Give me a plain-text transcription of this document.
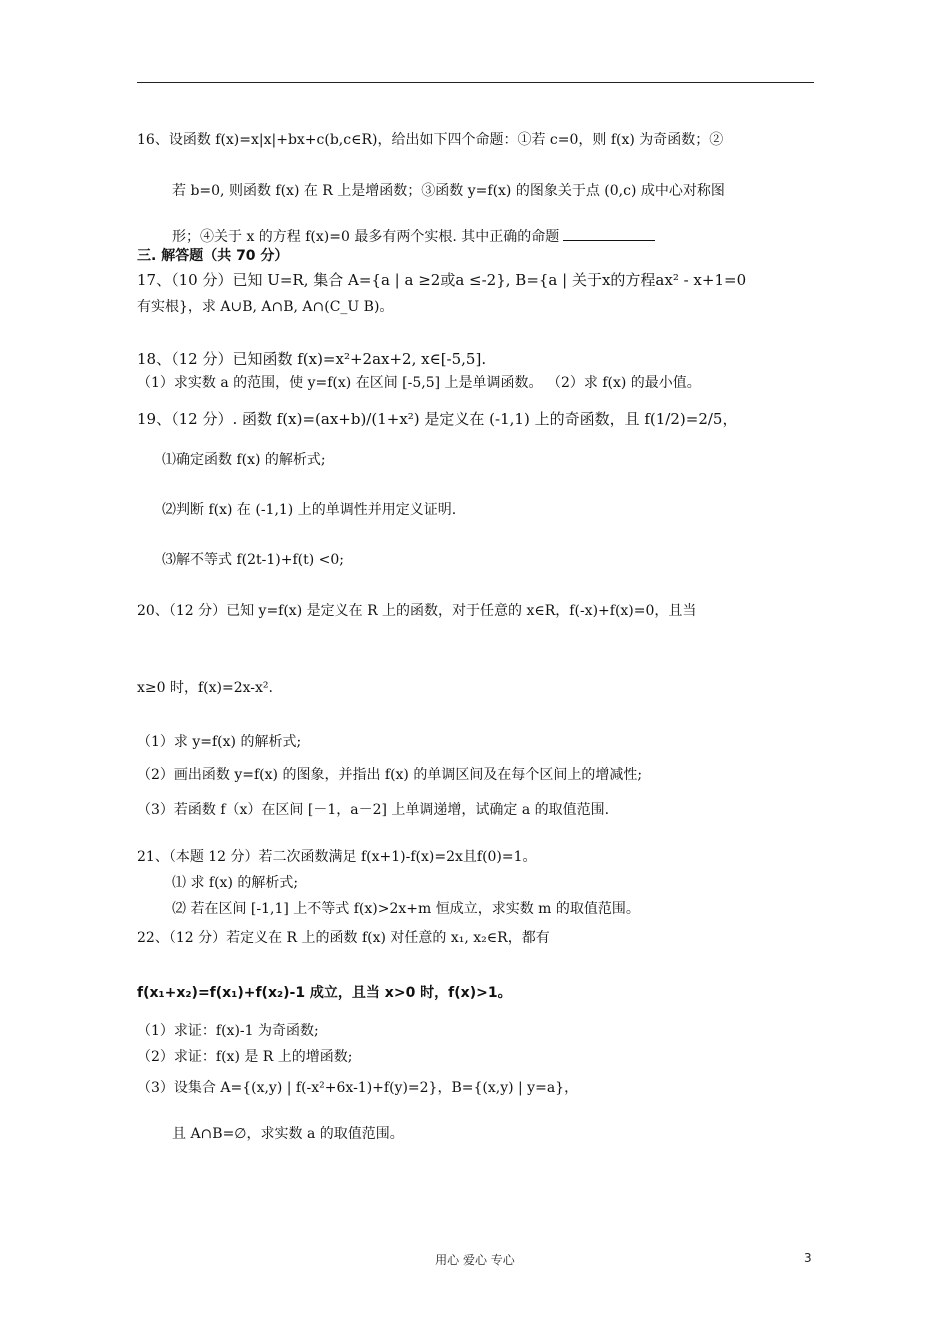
16、设函数 f(x)=x|x|+bx+c(b,c∈R)，给出如下四个命题：①若 c=0，则 f(x) 为奇函数；②
若 b=0, 则函数 f(x) 在 R 上是增函数；③函数 y=f(x) 的图象关于点 (0,c) 成中心对称图
形；④关于 x 的方程 f(x)=0 最多有两个实根. 其中正确的命题
三. 解答题（共 70 分）
17、（10 分）已知 U=R, 集合 A={a | a ≥2或a ≤-2}, B={a | 关于x的方程ax² - x+1=0
有实根}，求 A∪B, A∩B, A∩(C_U B)。
18、（12 分）已知函数 f(x)=x²+2ax+2, x∈[-5,5].
（1）求实数 a 的范围，使 y=f(x) 在区间 [-5,5] 上是单调函数。 （2）求 f(x) 的最小值。
19、（12 分）. 函数 f(x)=(ax+b)/(1+x²) 是定义在 (-1,1) 上的奇函数，且 f(1/2)=2/5，
⑴确定函数 f(x) 的解析式;
⑵判断 f(x) 在 (-1,1) 上的单调性并用定义证明.
⑶解不等式 f(2t-1)+f(t) <0;
20、（12 分）已知 y=f(x) 是定义在 R 上的函数，对于任意的 x∈R，f(-x)+f(x)=0，且当
x≥0 时，f(x)=2x-x².
（1）求 y=f(x) 的解析式;
（2）画出函数 y=f(x) 的图象，并指出 f(x) 的单调区间及在每个区间上的增减性;
（3）若函数 f（x）在区间 [－1，a－2] 上单调递增，试确定 a 的取值范围.
21、（本题 12 分）若二次函数满足 f(x+1)-f(x)=2x且f(0)=1。
⑴ 求 f(x) 的解析式;
⑵ 若在区间 [-1,1] 上不等式 f(x)>2x+m 恒成立，求实数 m 的取值范围。
22、（12 分）若定义在 R 上的函数 f(x) 对任意的 x₁, x₂∈R，都有
f(x₁+x₂)=f(x₁)+f(x₂)-1 成立，且当 x>0 时，f(x)>1。
（1）求证：f(x)-1 为奇函数;
（2）求证：f(x) 是 R 上的增函数;
（3）设集合 A={(x,y) | f(-x²+6x-1)+f(y)=2}，B={(x,y) | y=a}，
且 A∩B=∅，求实数 a 的取值范围。
用心 爱心 专心	3
